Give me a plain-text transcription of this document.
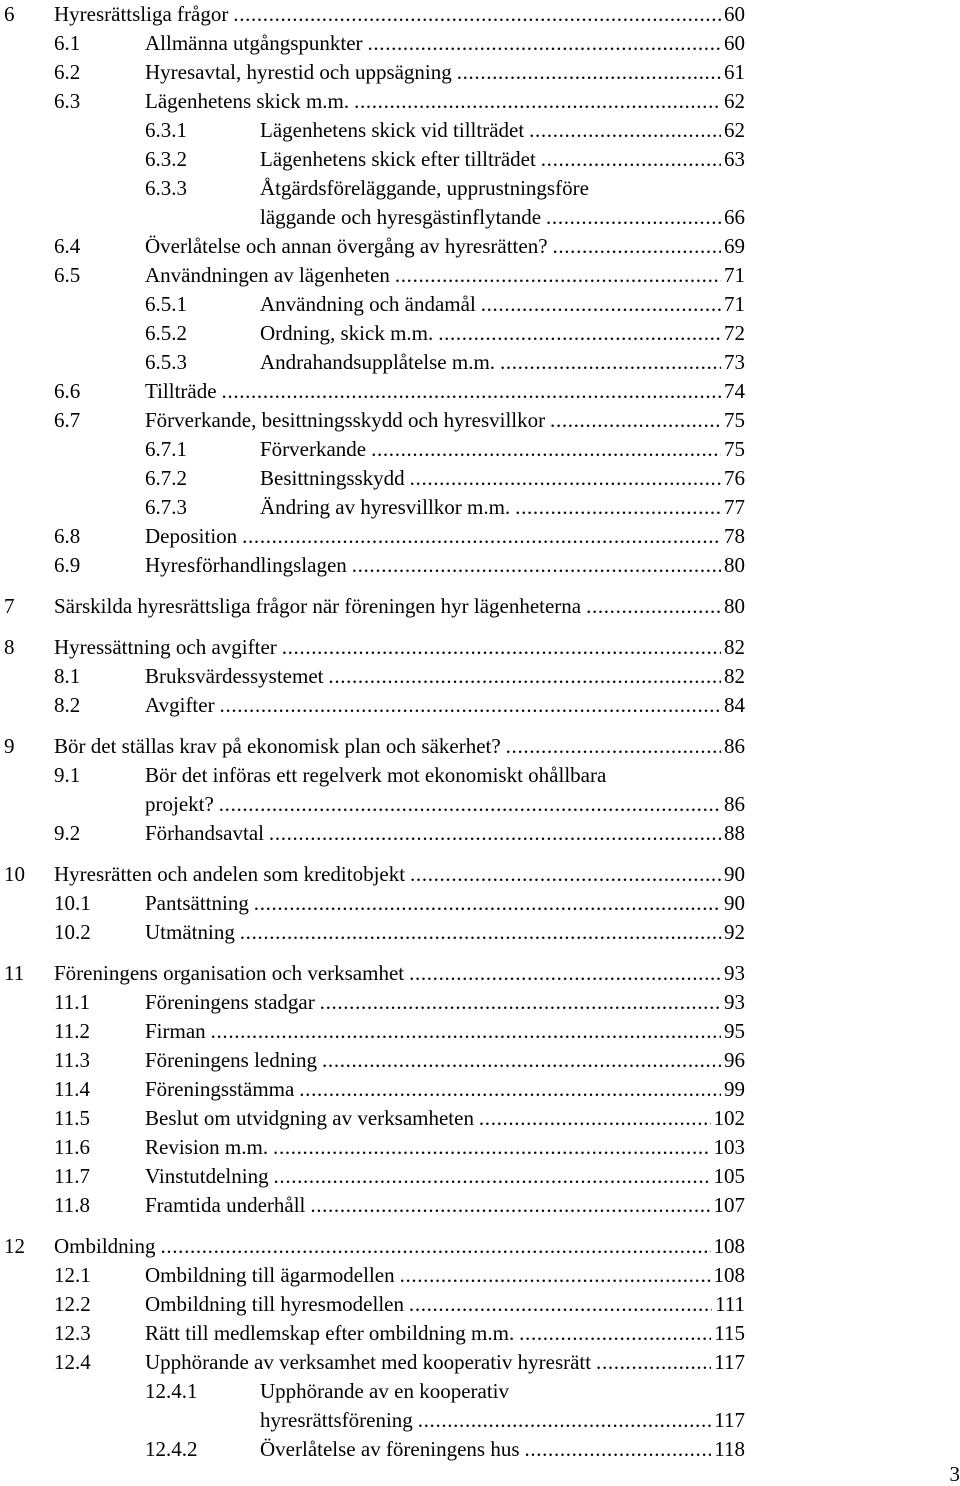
6 Hyresrättsliga frågor . . .	60
6.1	Allmänna utgångspunkter . . .	60
6.2	Hyresavtal, hyrestid och uppsägning . . .	61
6.3	Lägenhetens skick m.m. . . .	62
6.3.1	Lägenhetens skick vid tillträdet . . .	62
6.3.2	Lägenhetens skick efter tillträdet . . .	63
6.3.3	Åtgärdsföreläggande, upprustningsföre
läggande och hyresgästinflytande . . .	66
6.4	Överlåtelse och annan övergång av hyresrätten? . . .	69
6.5	Användningen av lägenheten . . .	71
6.5.1	Användning och ändamål . . .	71
6.5.2	Ordning, skick m.m. . . .	72
6.5.3	Andrahandsupplåtelse m.m. . . .	73
6.6	Tillträde . . .	74
6.7	Förverkande, besittningsskydd och hyresvillkor . . .	75
6.7.1	Förverkande . . .	75
6.7.2	Besittningsskydd . . .	76
6.7.3	Ändring av hyresvillkor m.m. . . .	77
6.8	Deposition . . .	78
6.9	Hyresförhandlingslagen . . .	80
7 Särskilda hyresrättsliga frågor när föreningen hyr lägenheterna . . .	80
8 Hyressättning och avgifter . . .	82
8.1	Bruksvärdessystemet . . .	82
8.2	Avgifter . . .	84
9 Bör det ställas krav på ekonomisk plan och säkerhet? . . .	86
9.1	Bör det införas ett regelverk mot ekonomiskt ohållbara
projekt? . . .	86
9.2	Förhandsavtal . . .	88
10 Hyresrätten och andelen som kreditobjekt . . .	90
10.1	Pantsättning . . .	90
10.2	Utmätning . . .	92
11 Föreningens organisation och verksamhet . . .	93
11.1	Föreningens stadgar . . .	93
11.2	Firman . . .	95
11.3	Föreningens ledning . . .	96
11.4	Föreningsstämma . . .	99
11.5	Beslut om utvidgning av verksamheten . . .	102
11.6	Revision m.m. . . .	103
11.7	Vinstutdelning . . .	105
11.8	Framtida underhåll . . .	107
12 Ombildning . . .	108
12.1	Ombildning till ägarmodellen . . .	108
12.2	Ombildning till hyresmodellen . . .	111
12.3	Rätt till medlemskap efter ombildning m.m. . . .	115
12.4	Upphörande av verksamhet med kooperativ hyresrätt . . .	117
12.4.1	Upphörande av en kooperativ
hyresrättsförening . . .	117
12.4.2	Överlåtelse av föreningens hus . . .	118
3
